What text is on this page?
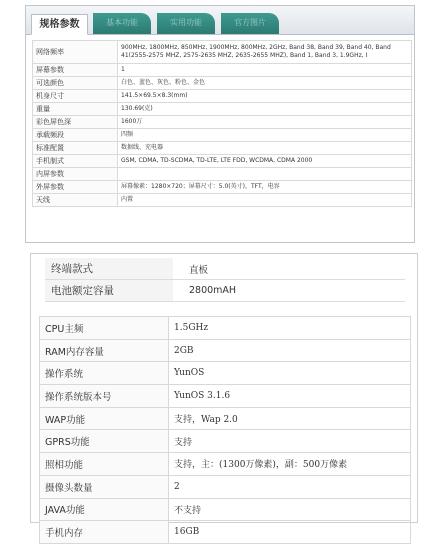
规格参数	基本功能	实用功能	官方图片
网络频率	900MHz, 1800MHz, 850MHz, 1900MHz, 800MHz, 2GHz, Band 38, Band 39, Band 40, Band 41(2555-2575 MHZ, 2575-2635 MHZ, 2635-2655 MHZ), Band 1, Band 3, 1.9GHz, I
屏幕参数	1
可选颜色	白色、蓝色、灰色、粉色、金色
机身尺寸	141.5×69.5×8.3(mm)
重量	130.69(克)
彩色屏色深	1600万
承载频段	四频
标准配置	数据线、充电器
手机制式	GSM, CDMA, TD-SCDMA, TD-LTE, LTE FDD, WCDMA, CDMA 2000
内屏参数	
外屏参数	屏幕像素：1280×720；屏幕尺寸：5.0(英寸)，TFT，电容
天线	内置
终端款式	直板
电池额定容量	2800mAH
CPU主频	1.5GHz
RAM内存容量	2GB
操作系统	YunOS
操作系统版本号	YunOS 3.1.6
WAP功能	支持，Wap 2.0
GPRS功能	支持
照相功能	支持，主：(1300万像素)，副：500万像素
摄像头数量	2
JAVA功能	不支持
手机内存	16GB
